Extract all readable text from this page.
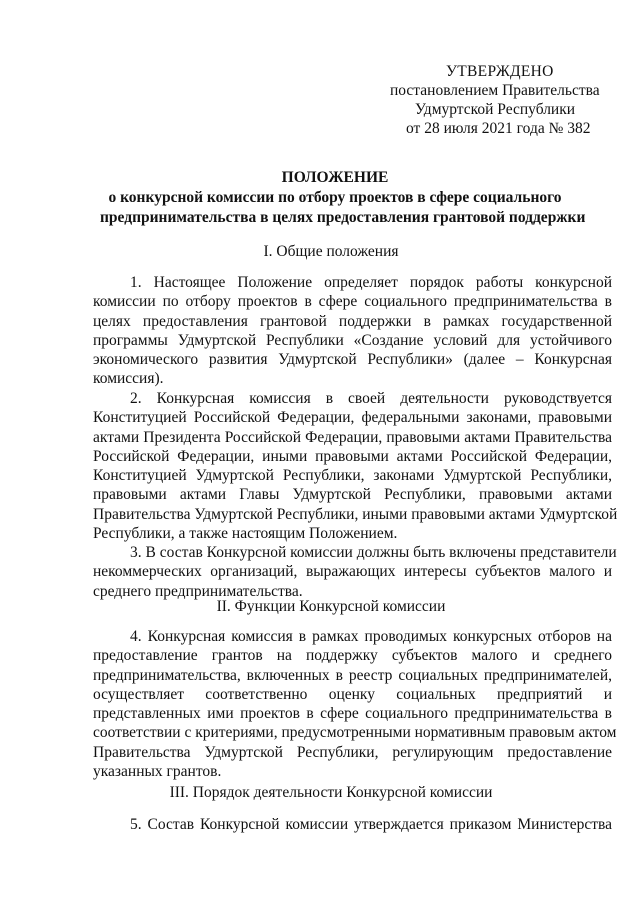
УТВЕРЖДЕНО
постановлением Правительства
Удмуртской Республики
от 28 июля 2021 года № 382
ПОЛОЖЕНИЕ
о конкурсной комиссии по отбору проектов в сфере социального
предпринимательства в целях предоставления грантовой поддержки
I. Общие положения
1. Настоящее Положение определяет порядок работы конкурсной
комиссии по отбору проектов в сфере социального предпринимательства в
целях предоставления грантовой поддержки в рамках государственной
программы Удмуртской Республики «Создание условий для устойчивого
экономического развития Удмуртской Республики» (далее – Конкурсная
комиссия).
2. Конкурсная комиссия в своей деятельности руководствуется
Конституцией Российской Федерации, федеральными законами, правовыми
актами Президента Российской Федерации, правовыми актами Правительства
Российской Федерации, иными правовыми актами Российской Федерации,
Конституцией Удмуртской Республики, законами Удмуртской Республики,
правовыми актами Главы Удмуртской Республики, правовыми актами
Правительства Удмуртской Республики, иными правовыми актами Удмуртской
Республики, а также настоящим Положением.
3. В состав Конкурсной комиссии должны быть включены представители
некоммерческих организаций, выражающих интересы субъектов малого и
среднего предпринимательства.
II. Функции Конкурсной комиссии
4. Конкурсная комиссия в рамках проводимых конкурсных отборов на
предоставление грантов на поддержку субъектов малого и среднего
предпринимательства, включенных в реестр социальных предпринимателей,
осуществляет соответственно оценку социальных предприятий и
представленных ими проектов в сфере социального предпринимательства в
соответствии с критериями, предусмотренными нормативным правовым актом
Правительства Удмуртской Республики, регулирующим предоставление
указанных грантов.
III. Порядок деятельности Конкурсной комиссии
5. Состав Конкурсной комиссии утверждается приказом Министерства
